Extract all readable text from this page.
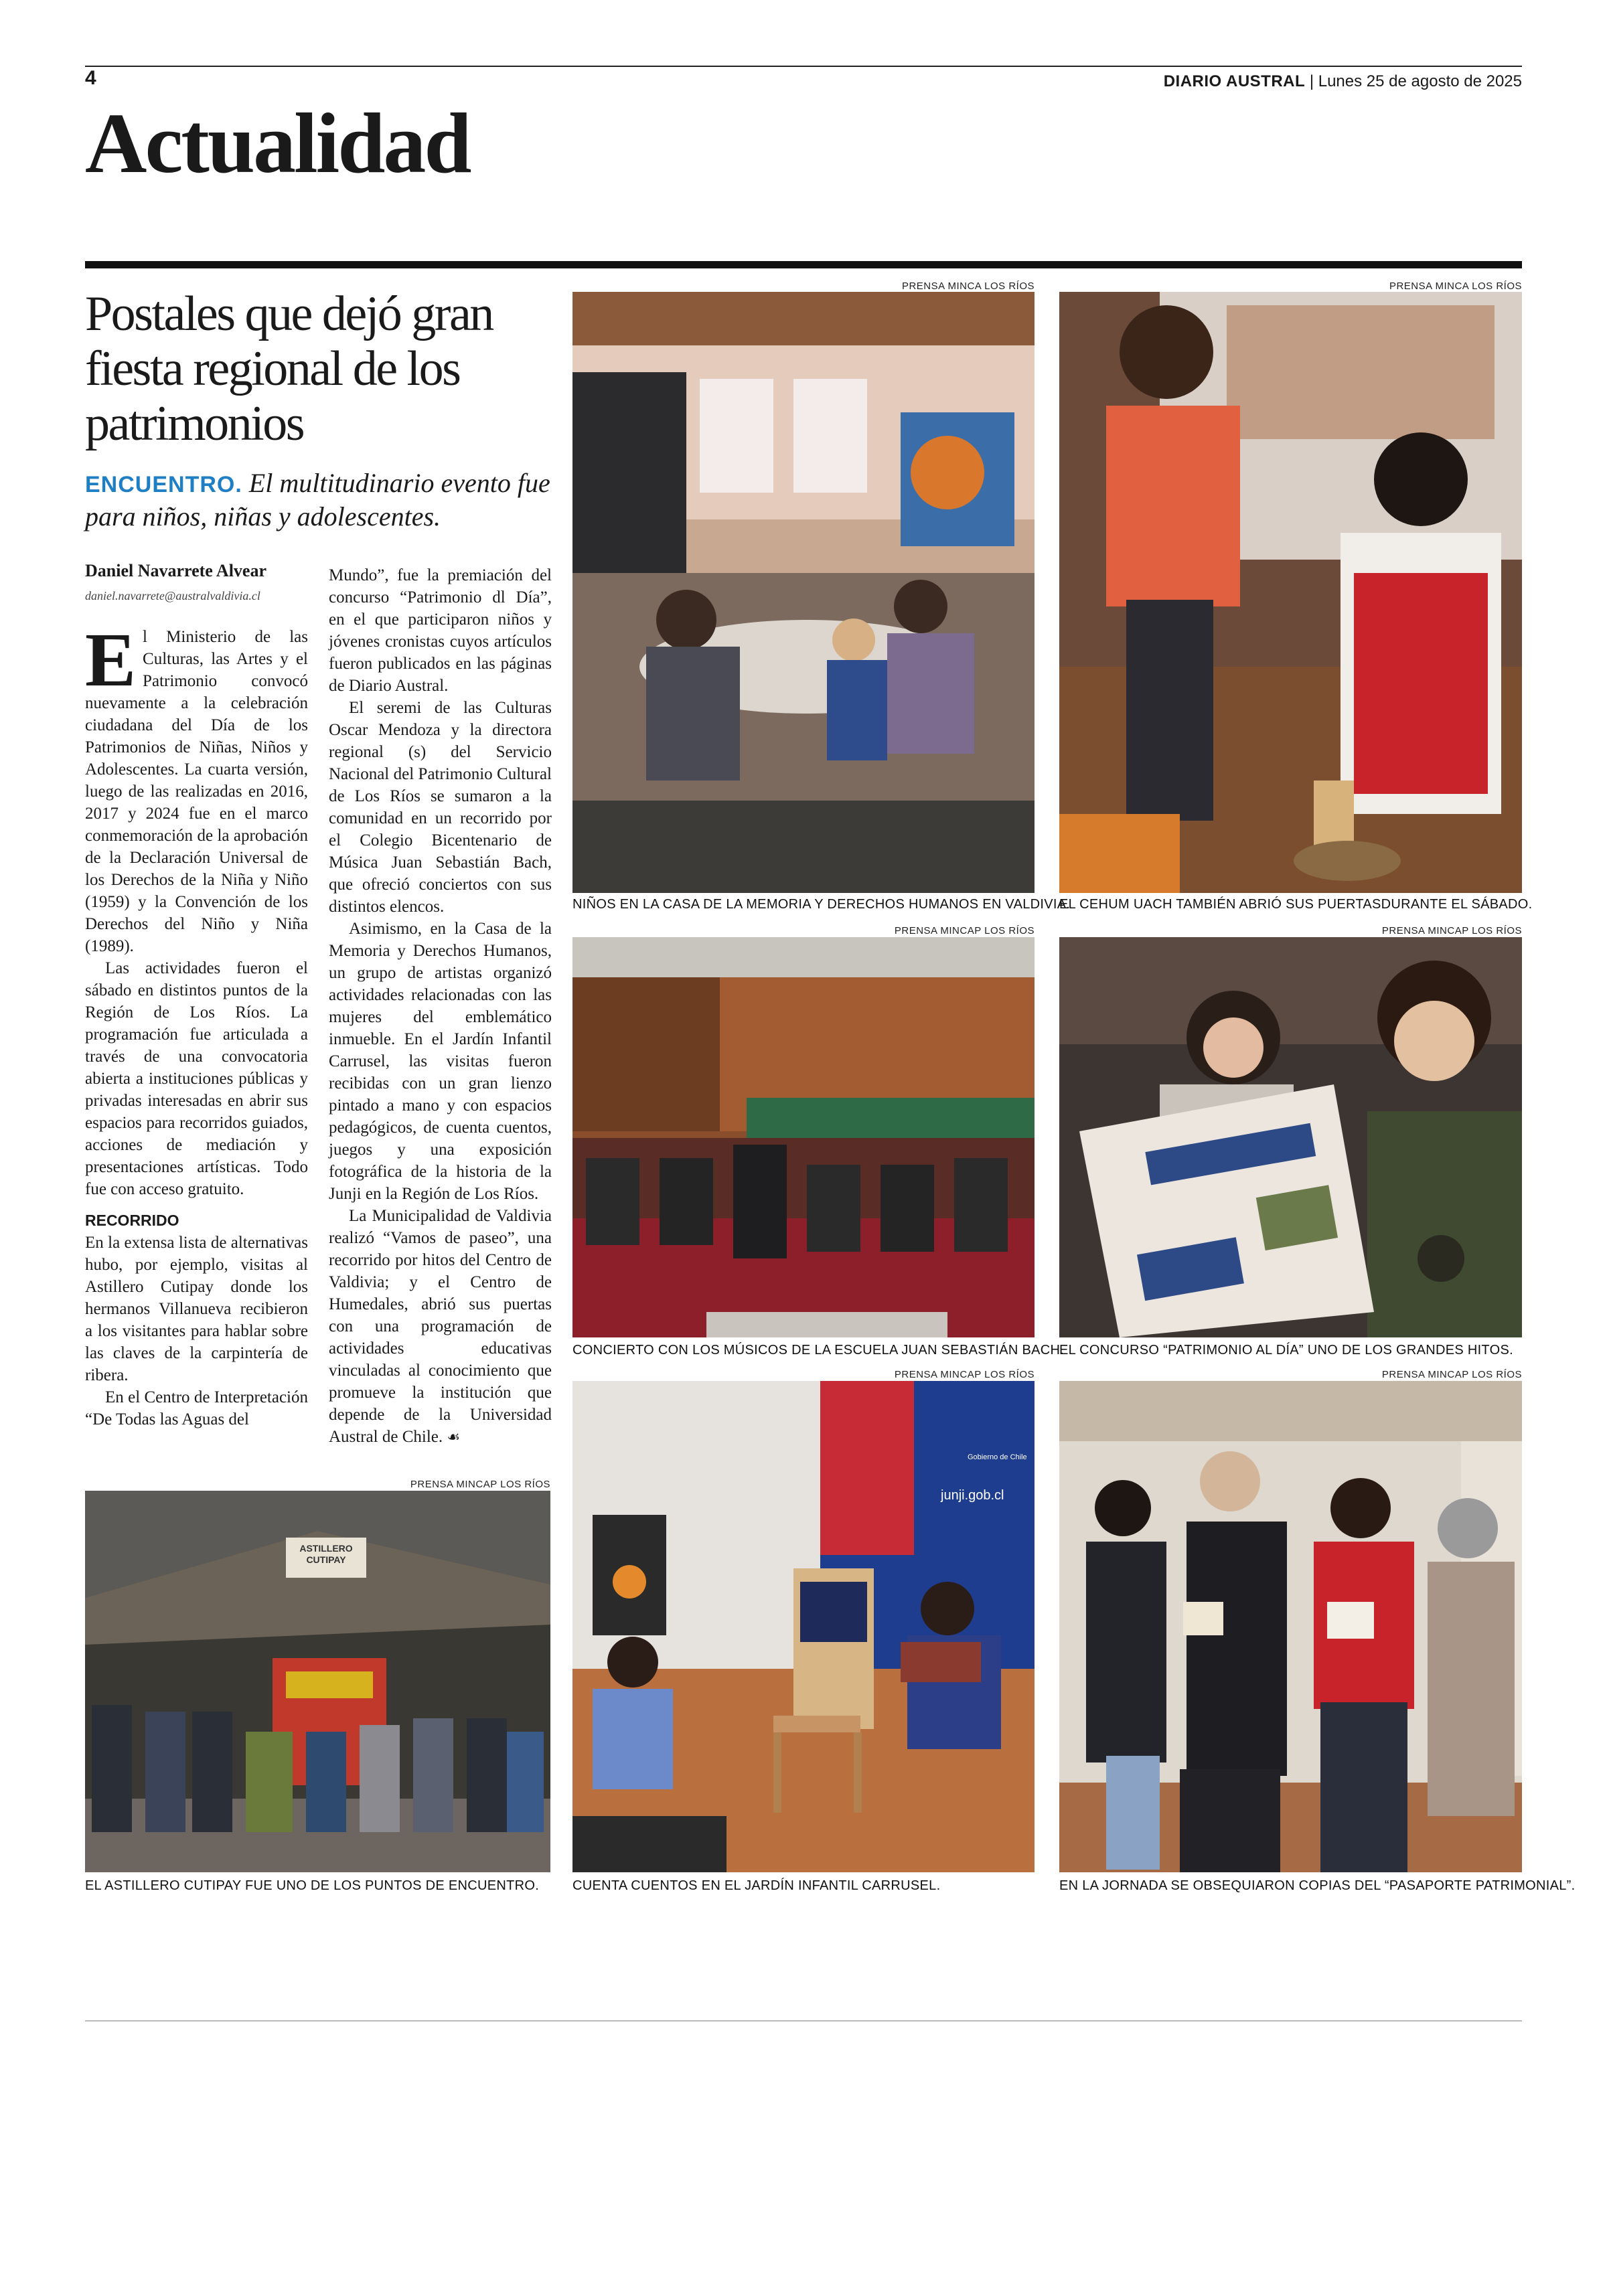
4	DIARIO AUSTRAL | Lunes 25 de agosto de 2025
Actualidad
Postales que dejó gran fiesta regional de los patrimonios
ENCUENTRO. El multitudinario evento fue para niños, niñas y adolescentes.
Daniel Navarrete Alvear
daniel.navarrete@australvaldivia.cl

El Ministerio de las Culturas, las Artes y el Patrimonio convocó nuevamente a la celebración ciudadana del Día de los Patrimonios de Niñas, Niños y Adolescentes. La cuarta versión, luego de las realizadas en 2016, 2017 y 2024 fue en el marco conmemoración de la aprobación de la Declaración Universal de los Derechos de la Niña y Niño (1959) y la Convención de los Derechos del Niño y Niña (1989).

Las actividades fueron el sábado en distintos puntos de la Región de Los Ríos. La programación fue articulada a través de una convocatoria abierta a instituciones públicas y privadas interesadas en abrir sus espacios para recorridos guiados, acciones de mediación y presentaciones artísticas. Todo fue con acceso gratuito.

RECORRIDO

En la extensa lista de alternativas hubo, por ejemplo, visitas al Astillero Cutipay donde los hermanos Villanueva recibieron a los visitantes para hablar sobre las claves de la carpintería de ribera.

En el Centro de Interpretación “De Todas las Aguas del

Mundo”, fue la premiación del concurso “Patrimonio dl Día”, en el que participaron niños y jóvenes cronistas cuyos artículos fueron publicados en las páginas de Diario Austral.

El seremi de las Culturas Oscar Mendoza y la directora regional (s) del Servicio Nacional del Patrimonio Cultural de Los Ríos se sumaron a la comunidad en un recorrido por el Colegio Bicentenario de Música Juan Sebastián Bach, que ofreció conciertos con sus distintos elencos.

Asimismo, en la Casa de la Memoria y Derechos Humanos, un grupo de artistas organizó actividades relacionadas con las mujeres del emblemático inmueble. En el Jardín Infantil Carrusel, las visitas fueron recibidas con un gran lienzo pintado a mano y con espacios pedagógicos, de cuenta cuentos, juegos y una exposición fotográfica de la historia de la Junji en la Región de Los Ríos.

La Municipalidad de Valdivia realizó “Vamos de paseo”, una recorrido por hitos del Centro de Valdivia; y el Centro de Humedales, abrió sus puertas con una programación de actividades educativas vinculadas al conocimiento que promueve la institución que depende de la Universidad Austral de Chile. ☙

PRENSA MINCA LOS RÍOS
NIÑOS EN LA CASA DE LA MEMORIA Y DERECHOS HUMANOS EN VALDIVIA.
PRENSA MINCA LOS RÍOS
EL CEHUM UACH TAMBIÉN ABRIÓ SUS PUERTASDURANTE EL SÁBADO.
PRENSA MINCAP LOS RÍOS
CONCIERTO CON LOS MÚSICOS DE LA ESCUELA JUAN SEBASTIÁN BACH.
PRENSA MINCAP LOS RÍOS
EL CONCURSO “PATRIMONIO AL DÍA” UNO DE LOS GRANDES HITOS.
PRENSA MINCAP LOS RÍOS
ASTILLERO CUTIPAY
EL ASTILLERO CUTIPAY FUE UNO DE LOS PUNTOS DE ENCUENTRO.
PRENSA MINCAP LOS RÍOS
junji.gob.cl
Gobierno de Chile
CUENTA CUENTOS EN EL JARDÍN INFANTIL CARRUSEL.
PRENSA MINCAP LOS RÍOS
EN LA JORNADA SE OBSEQUIARON COPIAS DEL “PASAPORTE PATRIMONIAL”.
